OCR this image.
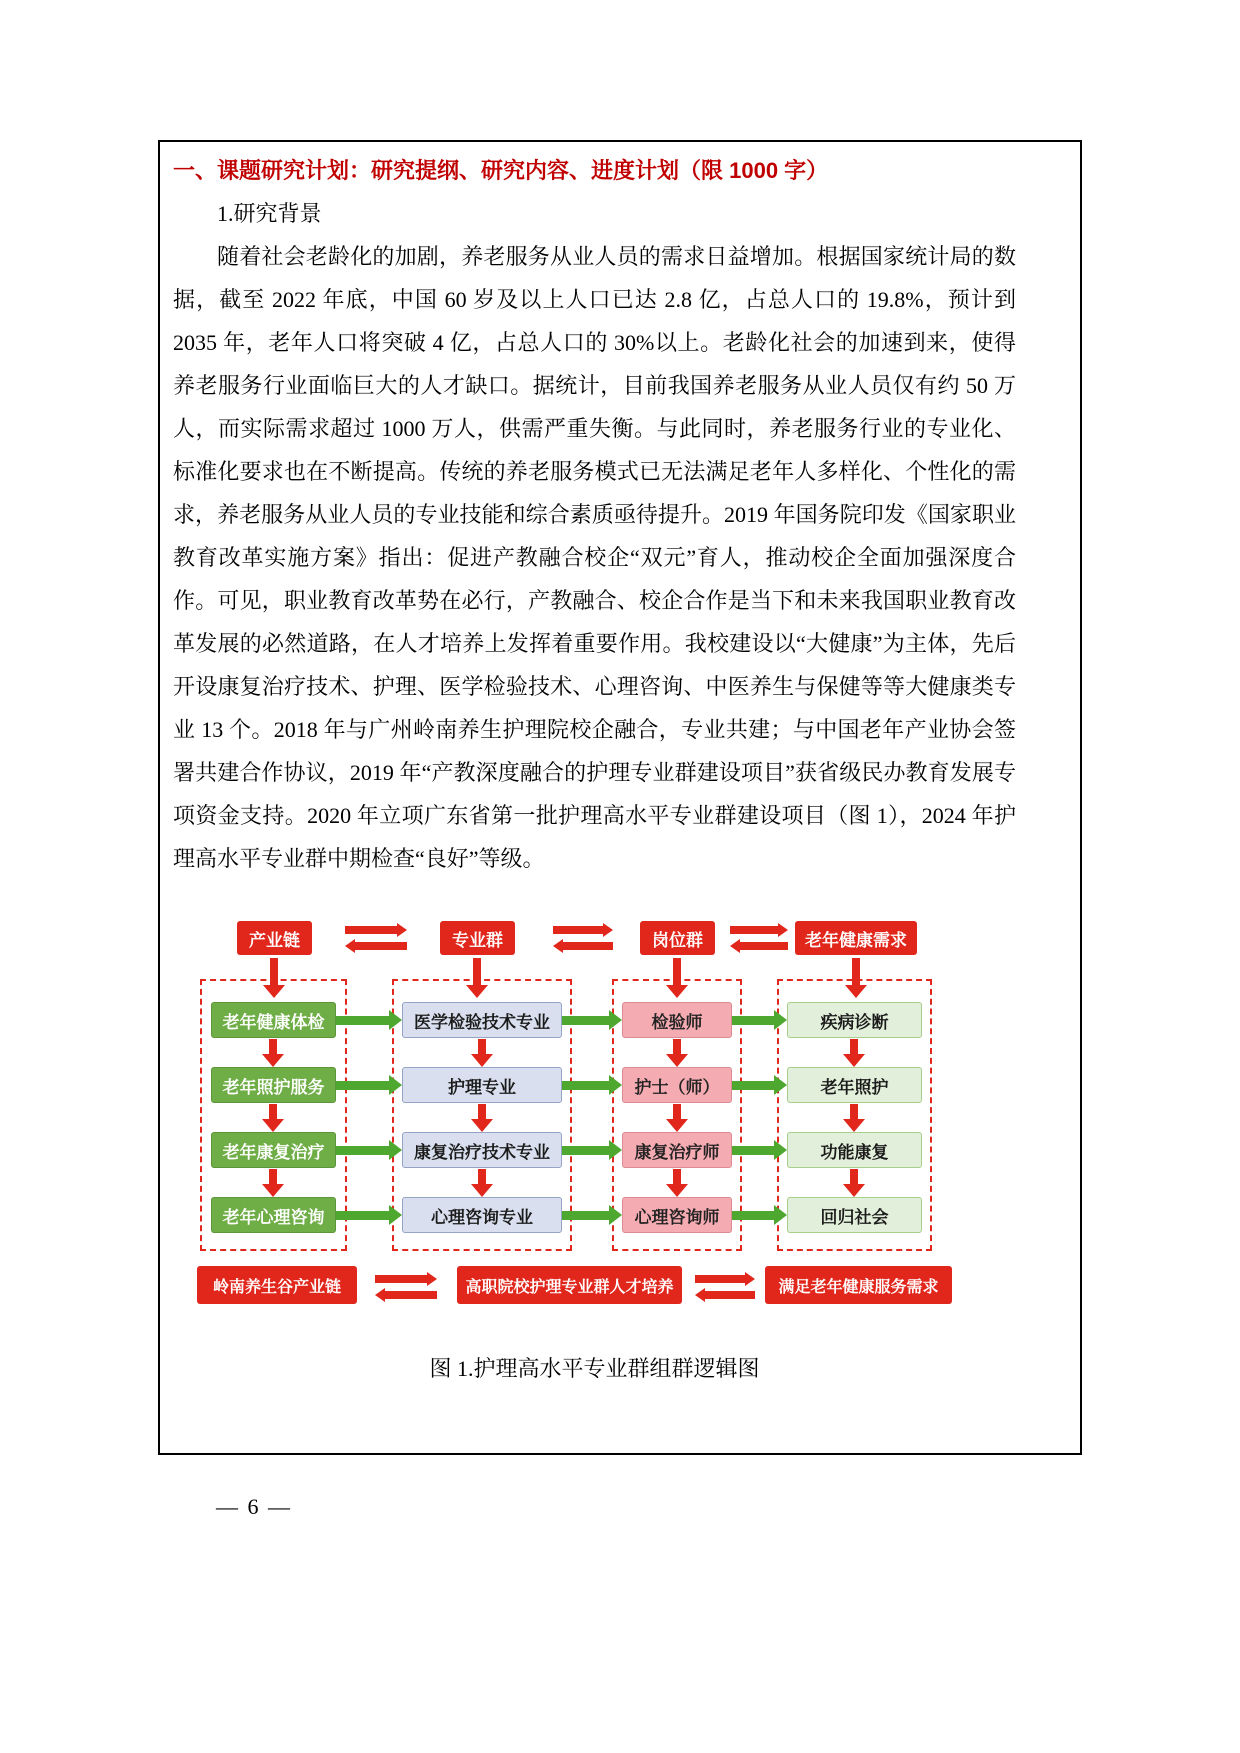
一、课题研究计划：研究提纲、研究内容、进度计划（限 1000 字）
1.研究背景
随着社会老龄化的加剧，养老服务从业人员的需求日益增加。根据国家统计局的数据，截至 2022 年底，中国 60 岁及以上人口已达 2.8 亿，占总人口的 19.8%，预计到 2035 年，老年人口将突破 4 亿，占总人口的 30%以上。老龄化社会的加速到来，使得养老服务行业面临巨大的人才缺口。据统计，目前我国养老服务从业人员仅有约 50 万人，而实际需求超过 1000 万人，供需严重失衡。与此同时，养老服务行业的专业化、标准化要求也在不断提高。传统的养老服务模式已无法满足老年人多样化、个性化的需求，养老服务从业人员的专业技能和综合素质亟待提升。2019 年国务院印发《国家职业教育改革实施方案》指出：促进产教融合校企“双元”育人，推动校企全面加强深度合作。可见，职业教育改革势在必行，产教融合、校企合作是当下和未来我国职业教育改革发展的必然道路，在人才培养上发挥着重要作用。我校建设以“大健康”为主体，先后开设康复治疗技术、护理、医学检验技术、心理咨询、中医养生与保健等等大健康类专业 13 个。2018 年与广州岭南养生护理院校企融合，专业共建；与中国老年产业协会签署共建合作协议，2019 年“产教深度融合的护理专业群建设项目”获省级民办教育发展专项资金支持。2020 年立项广东省第一批护理高水平专业群建设项目（图 1），2024 年护理高水平专业群中期检查“良好”等级。
产业链	专业群	岗位群	老年健康需求
老年健康体检
老年照护服务
老年康复治疗
老年心理咨询
医学检验技术专业
护理专业
康复治疗技术专业
心理咨询专业
检验师
护士（师）
康复治疗师
心理咨询师
疾病诊断
老年照护
功能康复
回归社会
岭南养生谷产业链	高职院校护理专业群人才培养	满足老年健康服务需求
图 1.护理高水平专业群组群逻辑图
— 6 —
